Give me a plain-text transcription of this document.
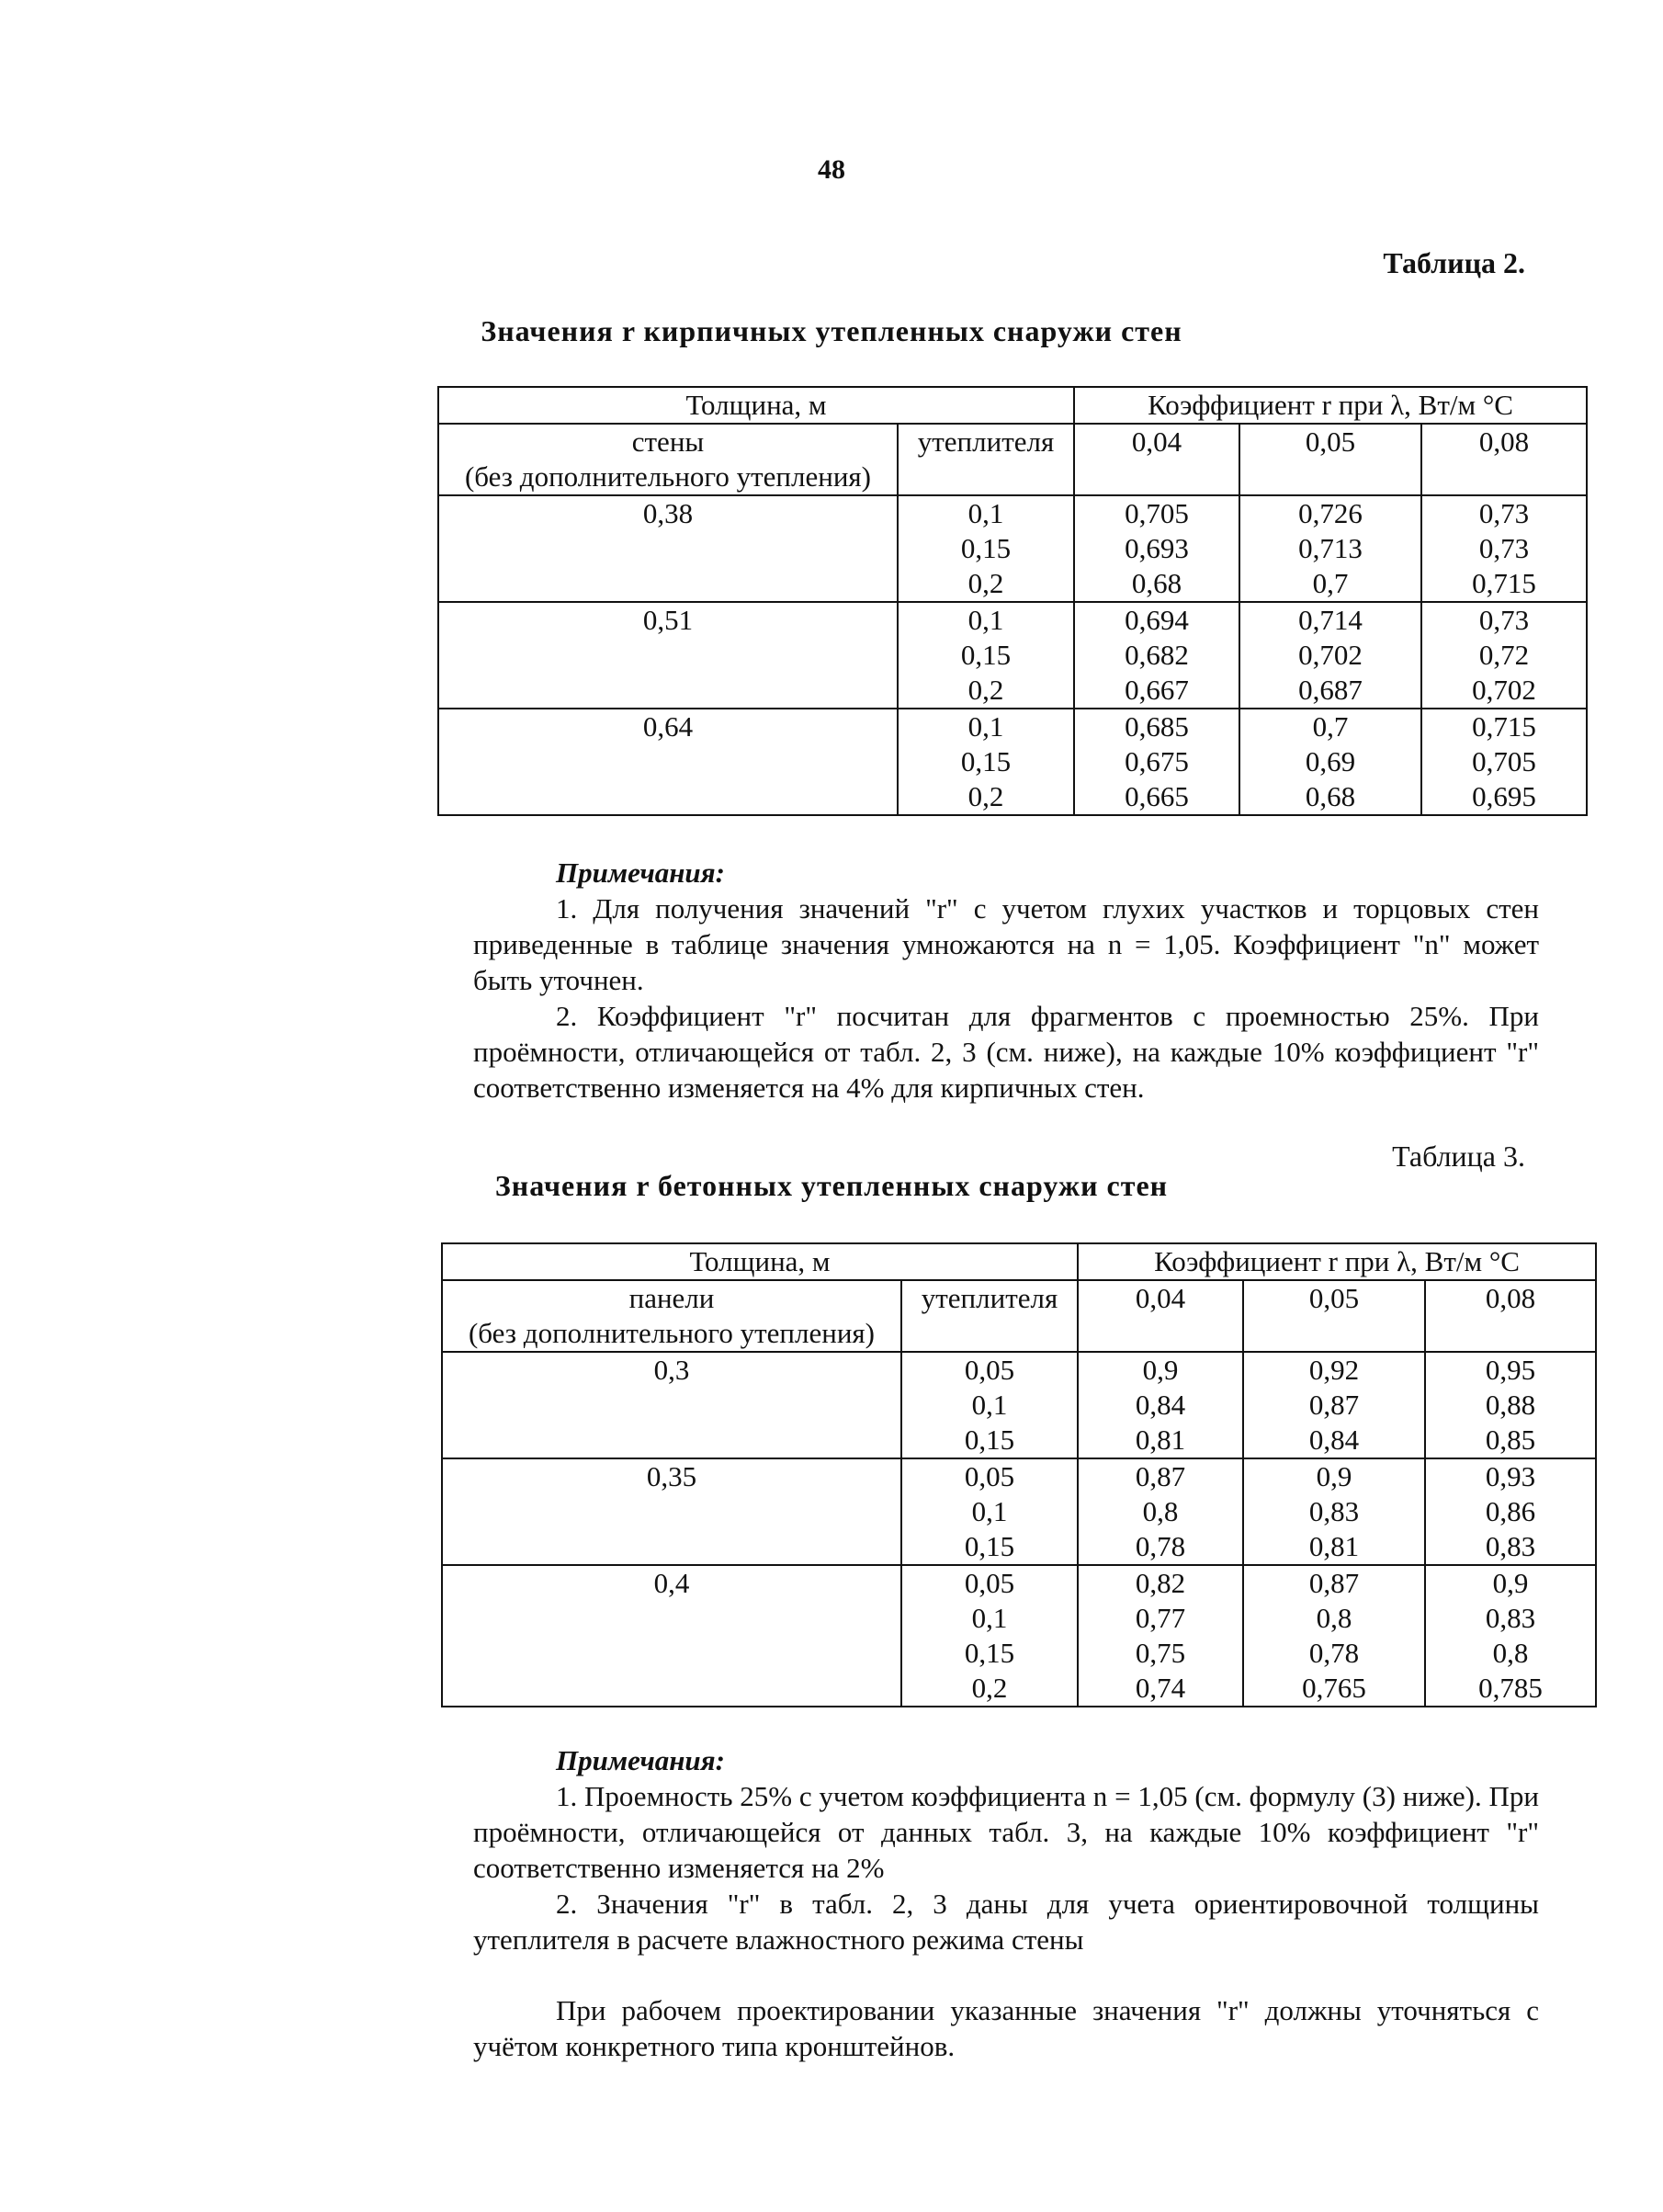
48
Таблица 2.
Значения r кирпичных утепленных снаружи стен
Толщина, м		Коэффициент r при λ, Вт/м °С		

стены
(без дополнительного утепления)	утеплителя	0,04	0,05	0,08
0,38	0,1	0,705	0,726	0,73
	0,15	0,693	0,713	0,73
	0,2	0,68	0,7	0,715
0,51	0,1	0,694	0,714	0,73
	0,15	0,682	0,702	0,72
	0,2	0,667	0,687	0,702
0,64	0,1	0,685	0,7	0,715
	0,15	0,675	0,69	0,705
	0,2	0,665	0,68	0,695
Примечания:

1. Для получения значений "r" с учетом глухих участков и торцовых стен приведенные в таблице значения умножаются на n = 1,05. Коэффициент "n" может быть уточнен.

2. Коэффициент "r" посчитан для фрагментов с проемностью 25%. При проёмности, отличающейся от табл. 2, 3 (см. ниже), на каждые 10% коэффициент "r" соответственно изменяется на 4% для кирпичных стен.

Таблица 3.
Значения r бетонных утепленных снаружи стен
Толщина, м		Коэффициент r при λ, Вт/м °С		

панели
(без дополнительного утепления)	утеплителя	0,04	0,05	0,08
0,3	0,05	0,9	0,92	0,95
	0,1	0,84	0,87	0,88
	0,15	0,81	0,84	0,85
0,35	0,05	0,87	0,9	0,93
	0,1	0,8	0,83	0,86
	0,15	0,78	0,81	0,83
0,4	0,05	0,82	0,87	0,9
	0,1	0,77	0,8	0,83
	0,15	0,75	0,78	0,8
	0,2	0,74	0,765	0,785
Примечания:

1. Проемность 25% с учетом коэффициента n = 1,05 (см. формулу (3) ниже). При проёмности, отличающейся от данных табл. 3, на каждые 10% коэффициент "r" соответственно изменяется на 2%

2. Значения "r" в табл. 2, 3 даны для учета ориентировочной толщины утеплителя в расчете влажностного режима стены

При рабочем проектировании указанные значения "r" должны уточняться с учётом конкретного типа кронштейнов.
